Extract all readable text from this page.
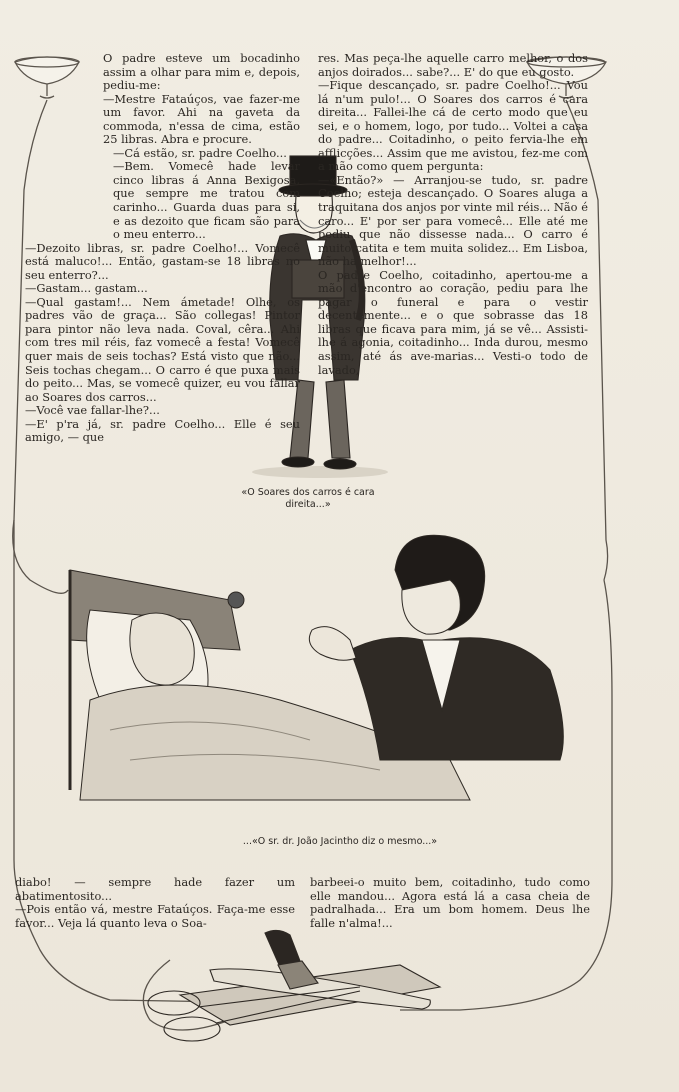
O padre esteve um bocadinho assim a olhar para mim e, depois, pediu-me:

—Mestre Fataúços, vae fazer-me um favor. Ahi na gaveta da commoda, n'essa de cima, estão 25 libras. Abra e procure.

—Cá estão, sr. padre Coelho...

—Bem. Vomecê hade levar cinco libras á Anna Bexigosa, que sempre me tratou com carinho... Guarda duas para si, e as dezoito que ficam são para o meu enterro...

—Dezoito libras, sr. padre Coelho!... Vomecê está maluco!... Então, gastam-se 18 libras no seu enterro?...

—Gastam... gastam...

—Qual gastam!... Nem ámetade! Olhe, os padres vão de graça... São collegas! Pintor para pintor não leva nada. Coval, cêra... Ahi com tres mil réis, faz vomecê a festa! Vomecê quer mais de seis tochas? Está visto que não... Seis tochas chegam... O carro é que puxa mais do peito... Mas, se vomecê quizer, eu vou fallar ao Soares dos carros...

—Você vae fallar-lhe?...

—E' p'ra já, sr. padre Coelho... Elle é seu amigo, — que

res. Mas peça-lhe aquelle carro melhor, o dos anjos doirados... sabe?... E' do que eu gosto.

—Fique descançado, sr. padre Coelho!... Vou lá n'um pulo!... O Soares dos carros é cara direita... Fallei-lhe cá de certo modo que eu sei, e o homem, logo, por tudo... Voltei a casa do padre... Coitadinho, o peito fervia-lhe em afflicções... Assim que me avistou, fez-me com a mão como quem pergunta:

—«Então?» — Arranjou-se tudo, sr. padre Coelho; esteja descançado. O Soares aluga a traquitana dos anjos por vinte mil réis... Não é caro... E' por ser para vomecê... Elle até me pediu que não dissesse nada... O carro é muito catita e tem muita solidez... Em Lisboa, não ha melhor!...

O padre Coelho, coitadinho, apertou-me a mão d'encontro ao coração, pediu para lhe pagar o funeral e para o vestir decentemente... e o que sobrasse das 18 libras que ficava para mim, já se vê... Assisti-lhe á agonia, coitadinho... Inda durou, mesmo assim, até ás ave-marias... Vesti-o todo de lavado,

«O Soares dos carros é cara direita...»
...«O sr. dr. João Jacintho diz o mesmo...»

diabo! — sempre hade fazer um abatimentosito...

—Pois então vá, mestre Fataúços. Faça-me esse favor... Veja lá quanto leva o Soa-

barbeei-o muito bem, coitadinho, tudo como elle mandou... Agora está lá a casa cheia de padralhada... Era um bom homem. Deus lhe falle n'alma!...
